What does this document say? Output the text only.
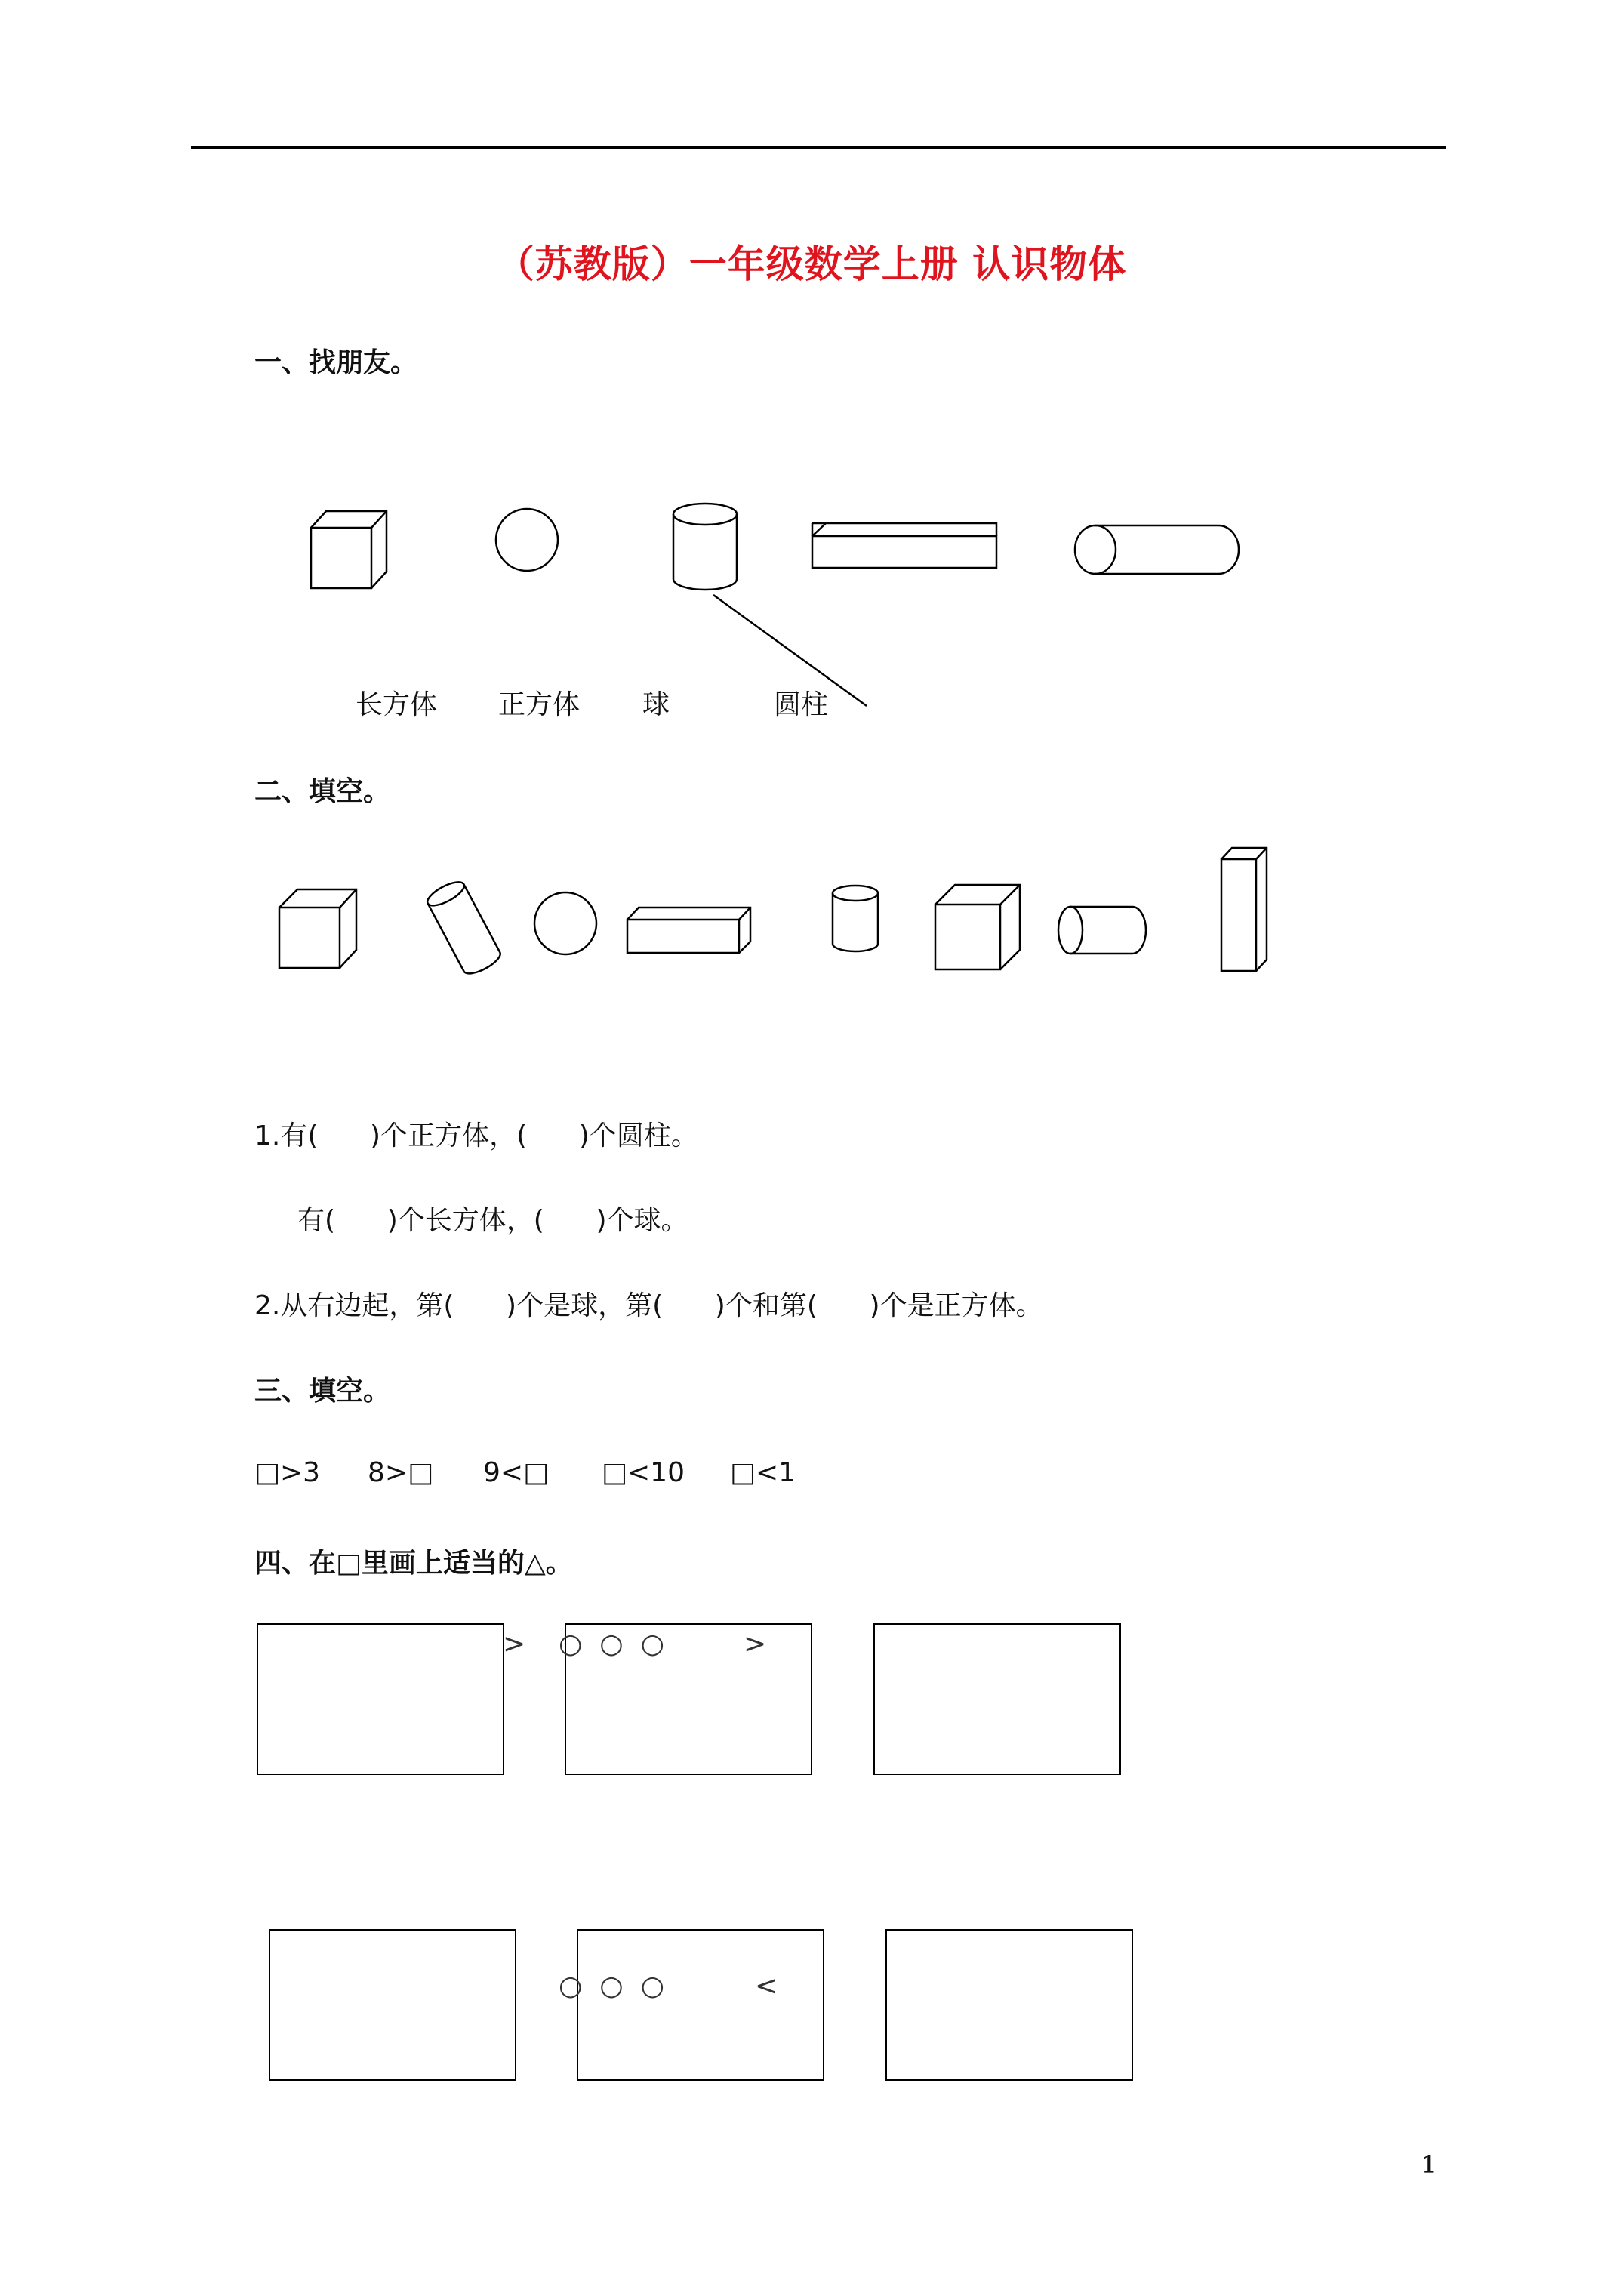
（苏教版）一年级数学上册 认识物体
一、找朋友。
长方体 正方体 球	圆柱
二、填空。
1.有(      )个正方体，(      )个圆柱。
有(      )个长方体，(      )个球。
2.从右边起，第(      )个是球，第(      )个和第(      )个是正方体。
三、填空。
□>3 8>□ 9<□ □<10 □<1
四、在□里画上适当的△。
> ○  ○  ○	>
○  ○  ○	<
1
